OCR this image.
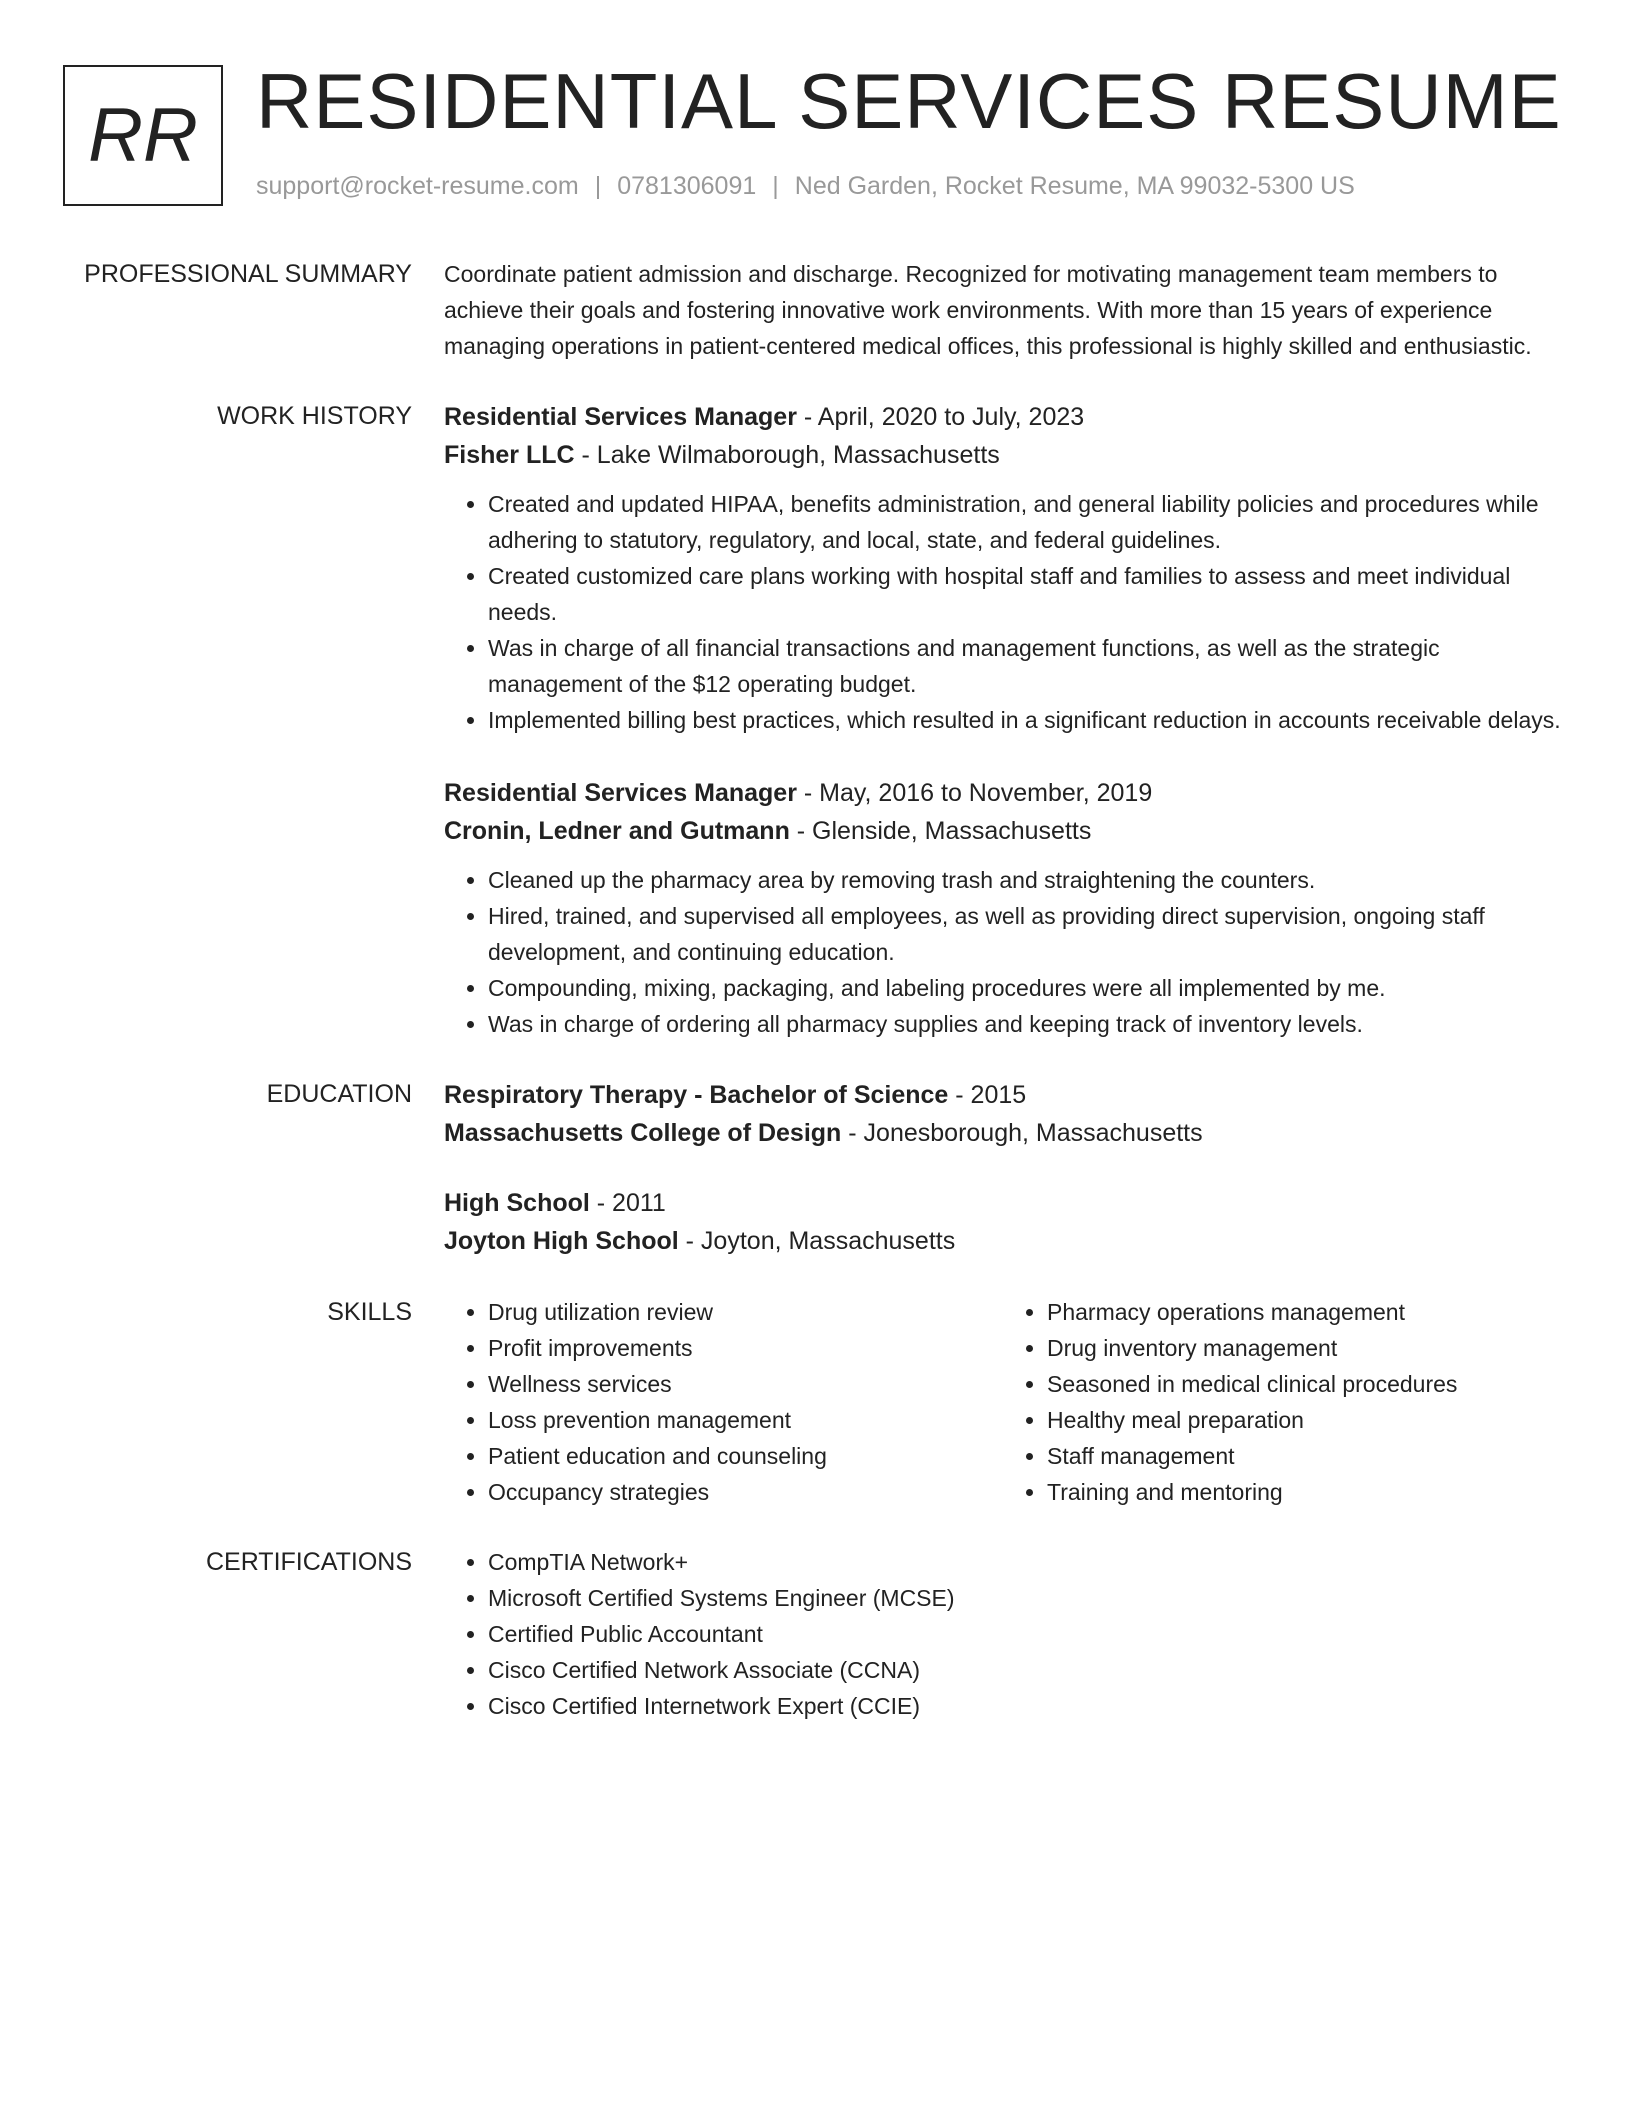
RR RESIDENTIAL SERVICES RESUME
support@rocket-resume.com | 0781306091 | Ned Garden, Rocket Resume, MA 99032-5300 US
PROFESSIONAL SUMMARY Coordinate patient admission and discharge. Recognized for motivating management team members to achieve their goals and fostering innovative work environments. With more than 15 years of experience managing operations in patient-centered medical offices, this professional is highly skilled and enthusiastic.

WORK HISTORY Residential Services Manager - April, 2020 to July, 2023
Fisher LLC - Lake Wilmaborough, Massachusetts
• Created and updated HIPAA, benefits administration, and general liability policies and procedures while adhering to statutory, regulatory, and local, state, and federal guidelines.
• Created customized care plans working with hospital staff and families to assess and meet individual needs.
• Was in charge of all financial transactions and management functions, as well as the strategic management of the $12 operating budget.
• Implemented billing best practices, which resulted in a significant reduction in accounts receivable delays.
Residential Services Manager - May, 2016 to November, 2019
Cronin, Ledner and Gutmann - Glenside, Massachusetts
• Cleaned up the pharmacy area by removing trash and straightening the counters.
• Hired, trained, and supervised all employees, as well as providing direct supervision, ongoing staff development, and continuing education.
• Compounding, mixing, packaging, and labeling procedures were all implemented by me.
• Was in charge of ordering all pharmacy supplies and keeping track of inventory levels.
EDUCATION Respiratory Therapy - Bachelor of Science - 2015
Massachusetts College of Design - Jonesborough, Massachusetts
High School - 2011
Joyton High School - Joyton, Massachusetts
SKILLS	• Drug utilization review
• Profit improvements
• Wellness services
• Loss prevention management
• Patient education and counseling
• Occupancy strategies
• Pharmacy operations management
• Drug inventory management
• Seasoned in medical clinical procedures
• Healthy meal preparation
• Staff management
• Training and mentoring
CERTIFICATIONS	• CompTIA Network+
• Microsoft Certified Systems Engineer (MCSE)
• Certified Public Accountant
• Cisco Certified Network Associate (CCNA)
• Cisco Certified Internetwork Expert (CCIE)
